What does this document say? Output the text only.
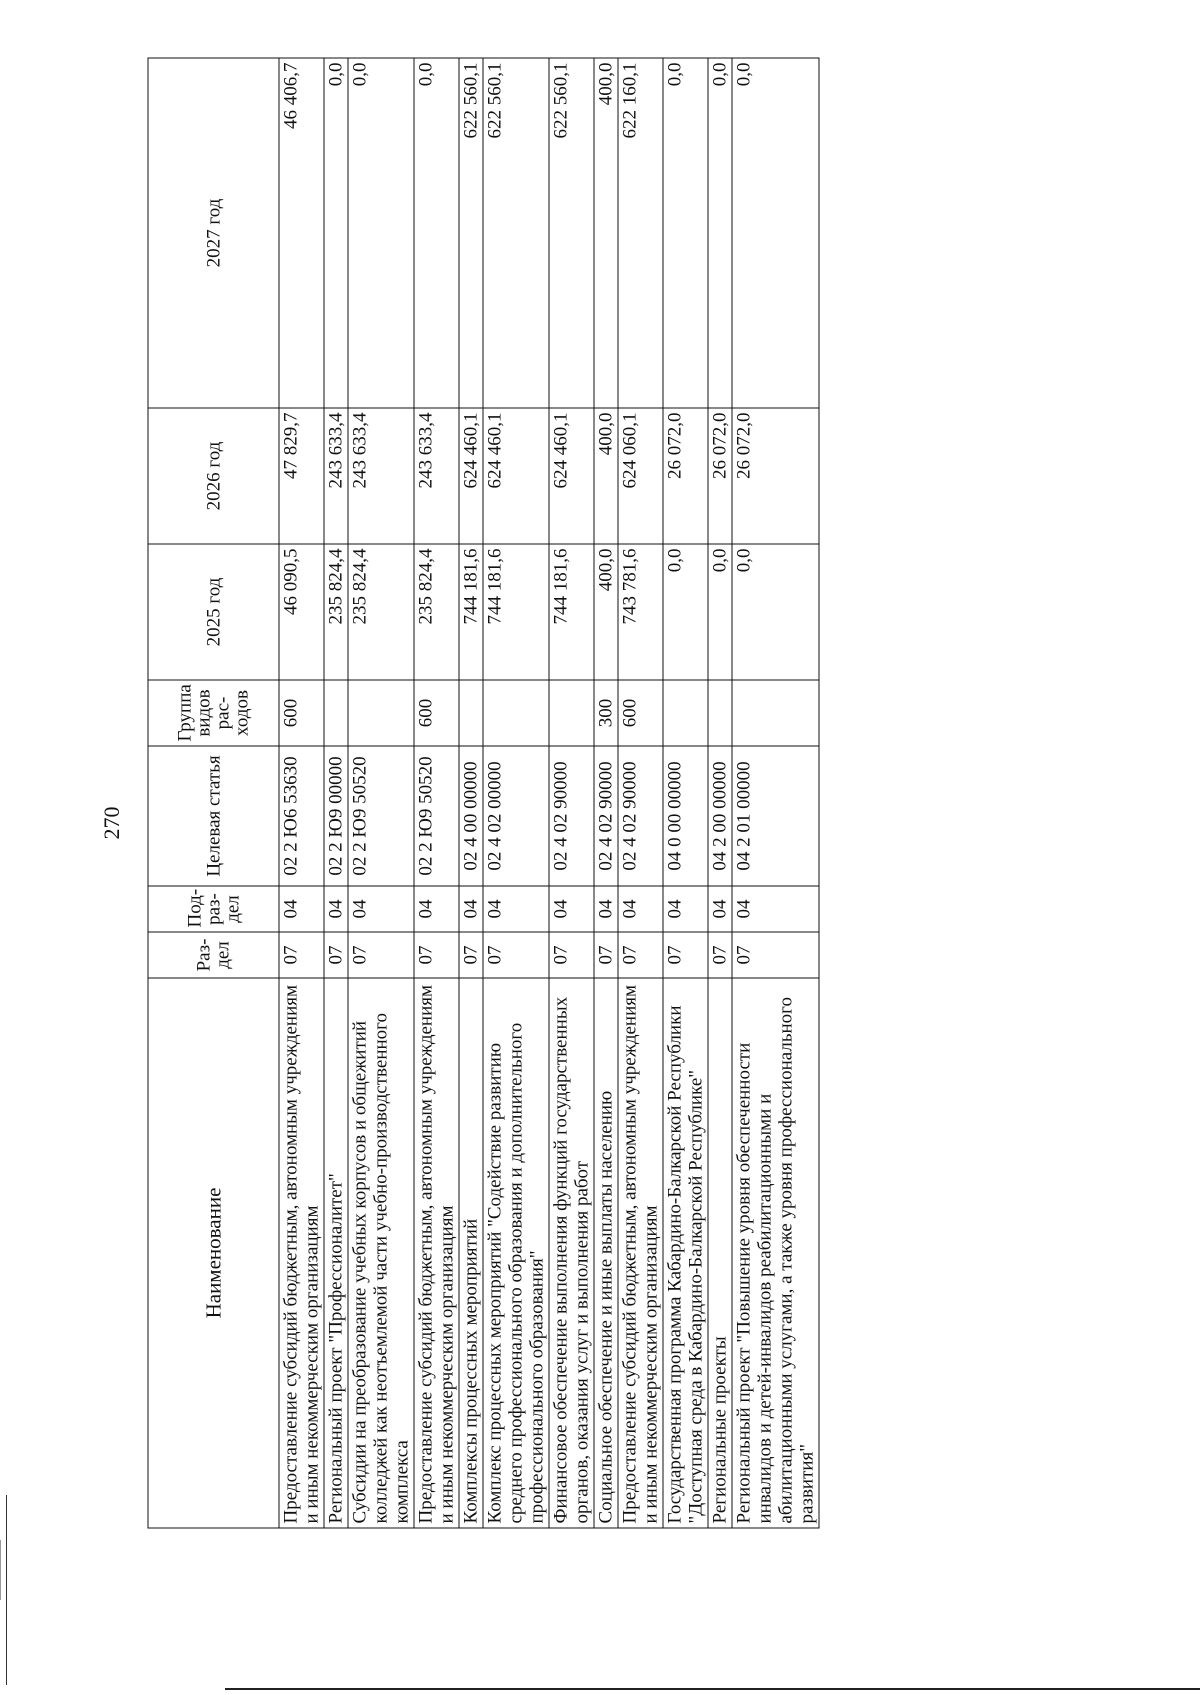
270
Наименование	Раз-дел	Под-раз-дел	Целевая статья	Группа видов рас-ходов	2025 год	2026 год	2027 год
Предоставление субсидий бюджетным, автономным учреждениям и иным некоммерческим организациям	07	04	02 2 Ю6 53630	600	46 090,5	47 829,7	46 406,7
Региональный проект "Профессионалитет"	07	04	02 2 Ю9 00000		235 824,4	243 633,4	0,0
Субсидии на преобразование учебных корпусов и общежитий колледжей как неотъемлемой части учебно-производственного комплекса	07	04	02 2 Ю9 50520		235 824,4	243 633,4	0,0
Предоставление субсидий бюджетным, автономным учреждениям и иным некоммерческим организациям	07	04	02 2 Ю9 50520	600	235 824,4	243 633,4	0,0
Комплексы процессных мероприятий	07	04	02 4 00 00000		744 181,6	624 460,1	622 560,1
Комплекс процессных мероприятий "Содействие развитию среднего профессионального образования и дополнительного профессионального образования"	07	04	02 4 02 00000		744 181,6	624 460,1	622 560,1
Финансовое обеспечение выполнения функций государственных органов, оказания услуг и выполнения работ	07	04	02 4 02 90000		744 181,6	624 460,1	622 560,1
Социальное обеспечение и иные выплаты населению	07	04	02 4 02 90000	300	400,0	400,0	400,0
Предоставление субсидий бюджетным, автономным учреждениям и иным некоммерческим организациям	07	04	02 4 02 90000	600	743 781,6	624 060,1	622 160,1
Государственная программа Кабардино-Балкарской Республики "Доступная среда в Кабардино-Балкарской Республике"	07	04	04 0 00 00000		0,0	26 072,0	0,0
Региональные проекты	07	04	04 2 00 00000		0,0	26 072,0	0,0
Региональный проект "Повышение уровня обеспеченности инвалидов и детей-инвалидов реабилитационными и абилитационными услугами, а также уровня профессионального развития"	07	04	04 2 01 00000		0,0	26 072,0	0,0
